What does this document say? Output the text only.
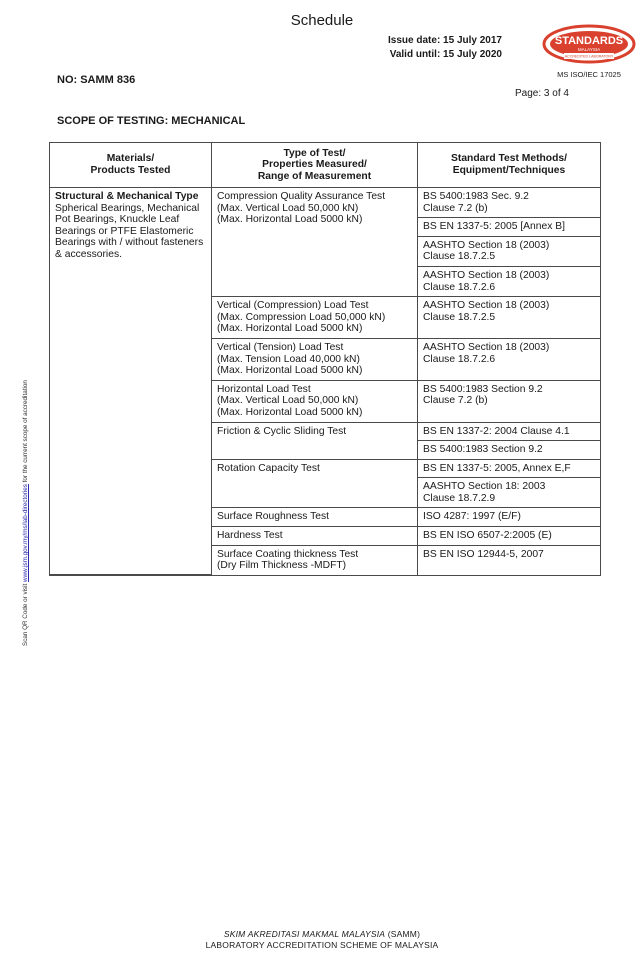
Schedule
Issue date: 15 July 2017
Valid until: 15 July 2020
STANDARDS
MALAYSIA
ACCREDITED LABORATORY
MS ISO/IEC 17025
NO: SAMM 836
Page: 3 of 4
SCOPE OF TESTING: MECHANICAL
Materials/
Products Tested	Type of Test/
Properties Measured/
Range of Measurement	Standard Test Methods/
Equipment/Techniques

Structural & Mechanical Type
Spherical Bearings, Mechanical Pot Bearings, Knuckle Leaf Bearings or PTFE Elastomeric Bearings with / without fasteners & accessories.	Compression Quality Assurance Test
(Max. Vertical Load 50,000 kN)
(Max. Horizontal Load 5000 kN)	BS 5400:1983 Sec. 9.2
Clause 7.2 (b)

		BS EN 1337-5: 2005 [Annex B]

		AASHTO Section 18 (2003)
Clause 18.7.2.5

		AASHTO Section 18 (2003)
Clause 18.7.2.6

	Vertical (Compression) Load Test
(Max. Compression Load 50,000 kN)
(Max. Horizontal Load 5000 kN)	AASHTO Section 18 (2003)
Clause 18.7.2.5

	Vertical (Tension) Load Test
(Max. Tension Load 40,000 kN)
(Max. Horizontal Load 5000 kN)	AASHTO Section 18 (2003)
Clause 18.7.2.6

	Horizontal Load Test
(Max. Vertical Load 50,000 kN)
(Max. Horizontal Load 5000 kN)	BS 5400:1983 Section 9.2
Clause 7.2 (b)

	Friction & Cyclic Sliding Test	BS EN 1337-2: 2004 Clause 4.1

		BS 5400:1983 Section 9.2

	Rotation Capacity Test	BS EN 1337-5: 2005, Annex E,F

		AASHTO Section 18: 2003
Clause 18.7.2.9

	Surface Roughness Test	ISO 4287: 1997 (E/F)

	Hardness Test	BS EN ISO 6507-2:2005 (E)

	Surface Coating thickness Test
(Dry Film Thickness -MDFT)	BS EN ISO 12944-5, 2007
Scan QR Code or visit www.jsm.gov.my/ms/lab-directories for the current scope of accreditation
SKIM AKREDITASI MAKMAL MALAYSIA (SAMM)
LABORATORY ACCREDITATION SCHEME OF MALAYSIA
